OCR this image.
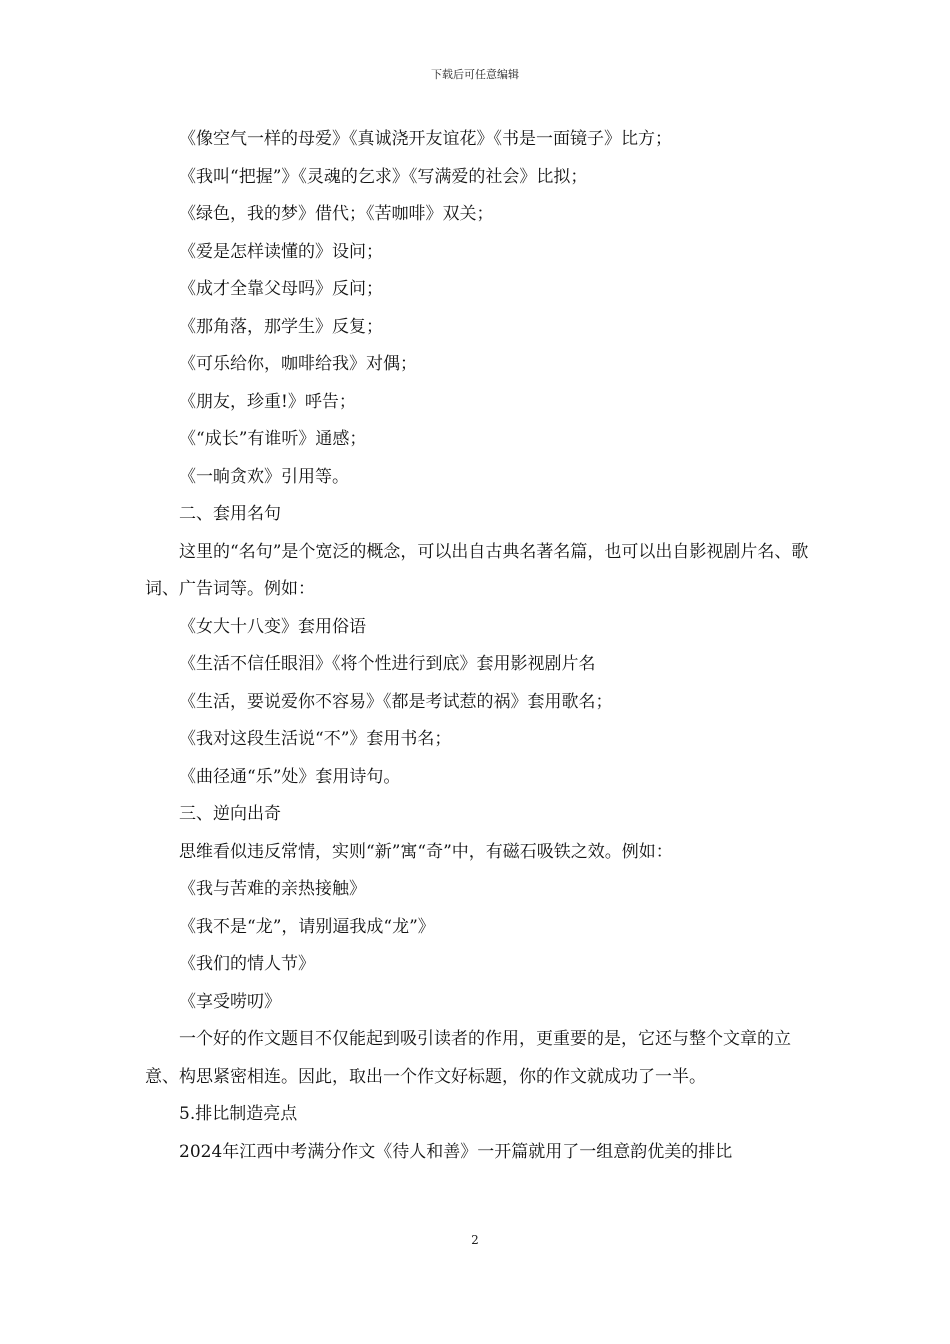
下载后可任意编辑

《像空气一样的母爱》《真诚浇开友谊花》《书是一面镜子》比方；

《我叫“把握”》《灵魂的乞求》《写满爱的社会》比拟；

《绿色，我的梦》借代；《苦咖啡》双关；

《爱是怎样读懂的》设问；

《成才全靠父母吗》反问；

《那角落，那学生》反复；

《可乐给你，咖啡给我》对偶；

《朋友，珍重!》呼告；

《“成长”有谁听》通感；

《一晌贪欢》引用等。

二、套用名句

这里的“名句”是个宽泛的概念，可以出自古典名著名篇，也可以出自影视剧片名、歌词、广告词等。例如：

《女大十八变》套用俗语

《生活不信任眼泪》《将个性进行到底》套用影视剧片名

《生活，要说爱你不容易》《都是考试惹的祸》套用歌名；

《我对这段生活说“不”》套用书名；

《曲径通“乐”处》套用诗句。

三、逆向出奇

思维看似违反常情，实则“新”寓“奇”中，有磁石吸铁之效。例如：

《我与苦难的亲热接触》

《我不是“龙”，请别逼我成“龙”》

《我们的情人节》

《享受唠叨》

一个好的作文题目不仅能起到吸引读者的作用，更重要的是，它还与整个文章的立意、构思紧密相连。因此，取出一个作文好标题，你的作文就成功了一半。

5.排比制造亮点

2024年江西中考满分作文《待人和善》一开篇就用了一组意韵优美的排比

2
